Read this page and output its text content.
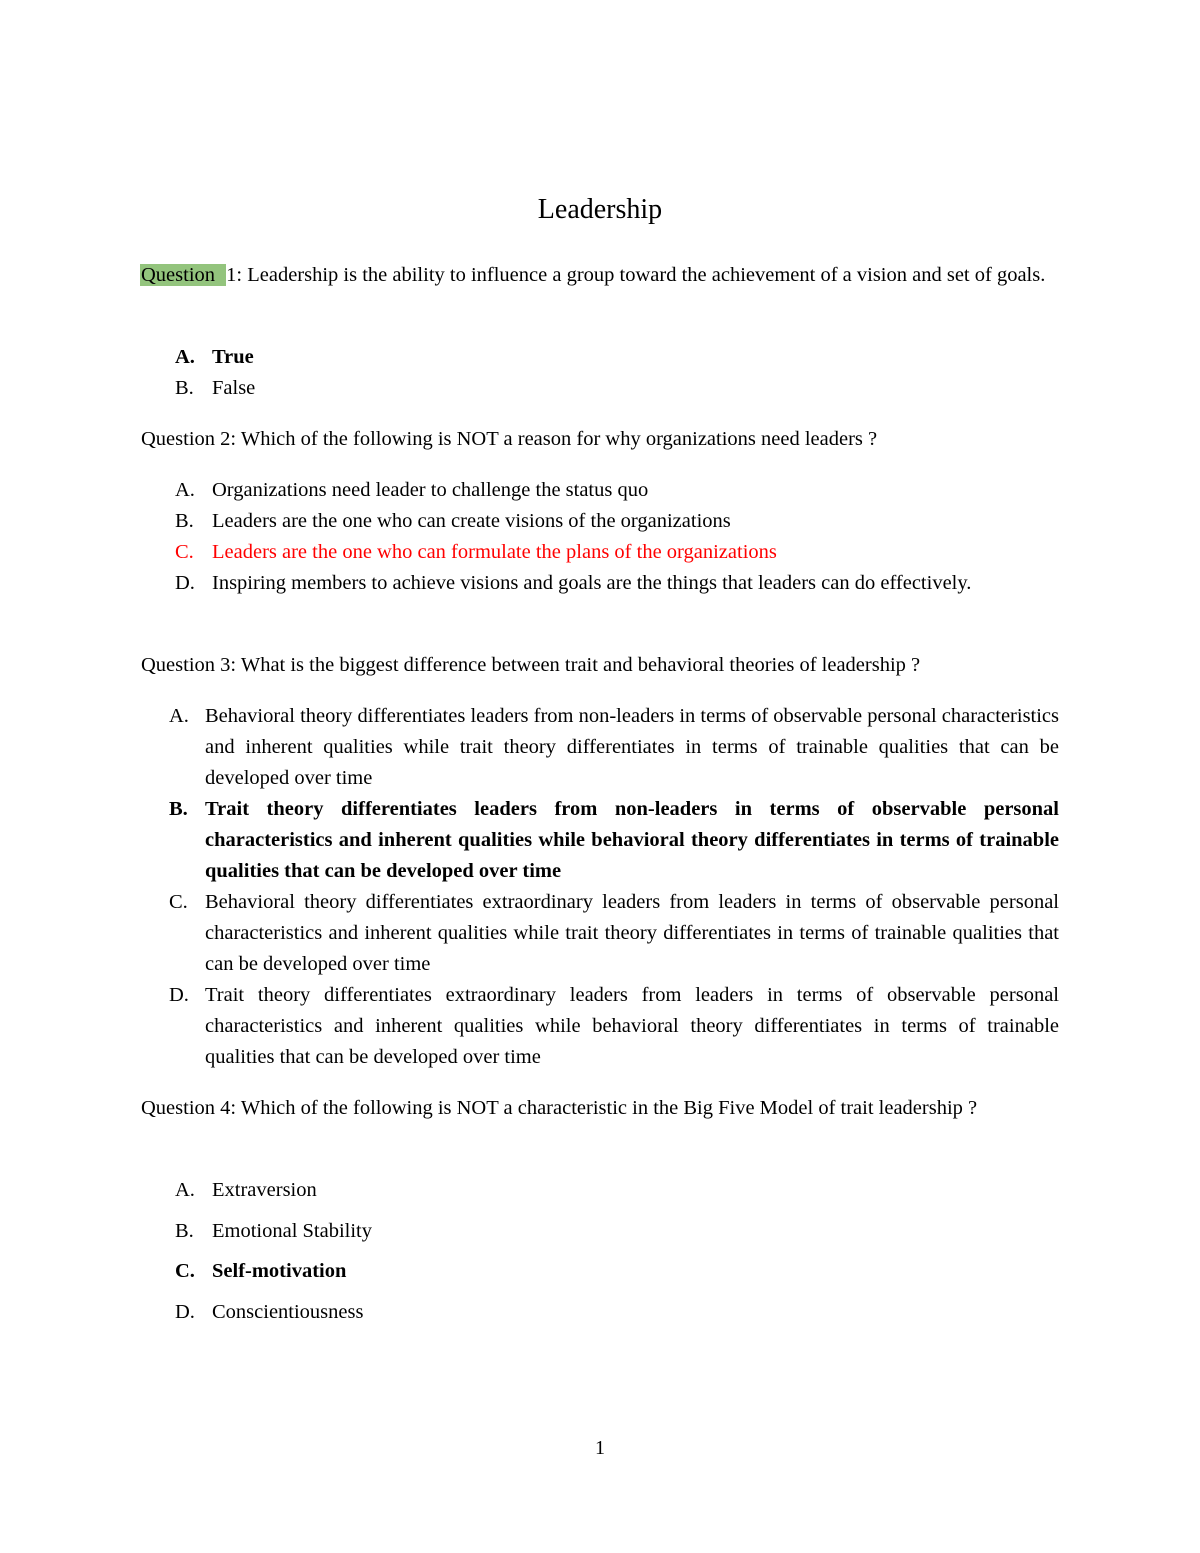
Leadership
Question 1: Leadership is the ability to influence a group toward the achievement of a vision and set of goals.
A. True
B. False
Question 2: Which of the following is NOT a reason for why organizations need leaders ?
A. Organizations need leader to challenge the status quo
B. Leaders are the one who can create visions of the organizations
C. Leaders are the one who can formulate the plans of the organizations
D. Inspiring members to achieve visions and goals are the things that leaders can do effectively.
Question 3: What is the biggest difference between trait and behavioral theories of leadership ?
A. Behavioral theory differentiates leaders from non-leaders in terms of observable personal characteristics and inherent qualities while trait theory differentiates in terms of trainable qualities that can be developed over time
B. Trait theory differentiates leaders from non-leaders in terms of observable personal characteristics and inherent qualities while behavioral theory differentiates in terms of trainable qualities that can be developed over time
C. Behavioral theory differentiates extraordinary leaders from leaders in terms of observable personal characteristics and inherent qualities while trait theory differentiates in terms of trainable qualities that can be developed over time
D. Trait theory differentiates extraordinary leaders from leaders in terms of observable personal characteristics and inherent qualities while behavioral theory differentiates in terms of trainable qualities that can be developed over time
Question 4: Which of the following is NOT a characteristic in the Big Five Model of trait leadership ?
A. Extraversion
B. Emotional Stability
C. Self-motivation
D. Conscientiousness
1
